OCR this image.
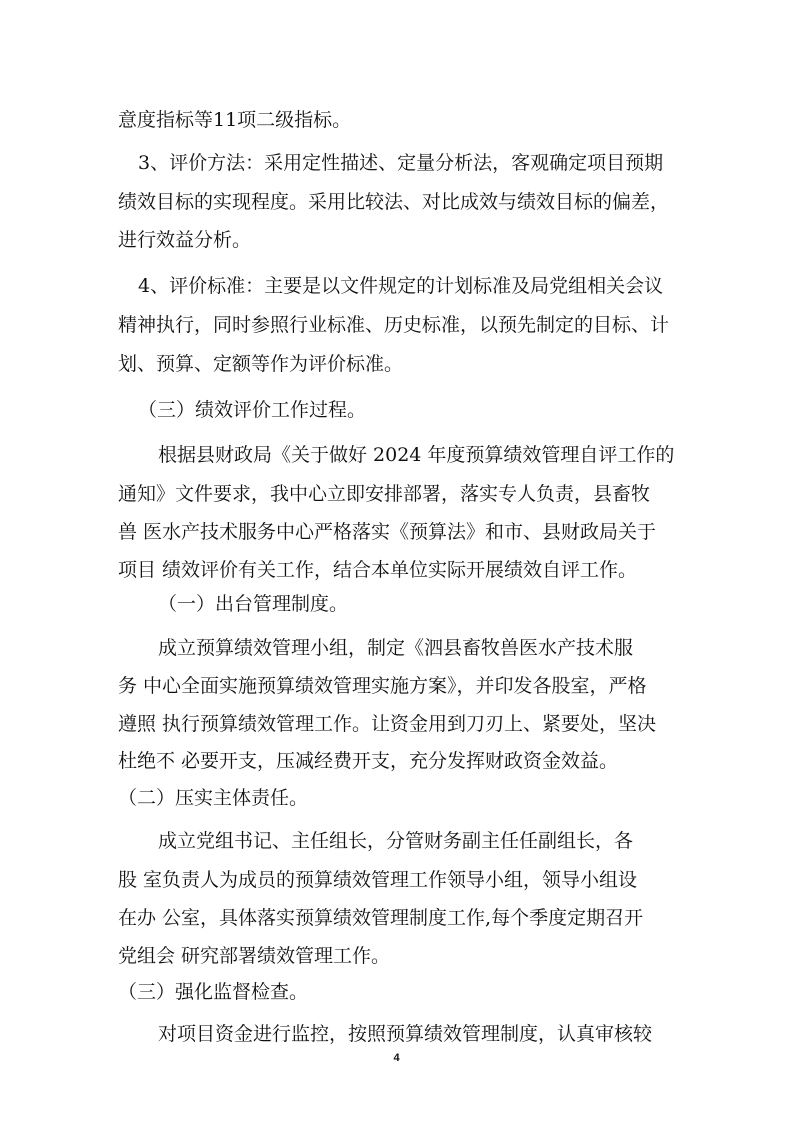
意度指标等11项二级指标。
3、评价方法：采用定性描述、定量分析法，客观确定项目预期
绩效目标的实现程度。采用比较法、对比成效与绩效目标的偏差，
进行效益分析。
4、评价标准：主要是以文件规定的计划标准及局党组相关会议
精神执行，同时参照行业标准、历史标准，以预先制定的目标、计
划、预算、定额等作为评价标准。
（三）绩效评价工作过程。
根据县财政局《关于做好 2024 年度预算绩效管理自评工作的
通知》文件要求，我中心立即安排部署，落实专人负责，县畜牧
兽 医水产技术服务中心严格落实《预算法》和市、县财政局关于
项目 绩效评价有关工作，结合本单位实际开展绩效自评工作。
（一）出台管理制度。
成立预算绩效管理小组，制定《泗县畜牧兽医水产技术服
务 中心全面实施预算绩效管理实施方案》，并印发各股室，严格
遵照 执行预算绩效管理工作。让资金用到刀刃上、紧要处，坚决
杜绝不 必要开支，压减经费开支，充分发挥财政资金效益。
（二）压实主体责任。
成立党组书记、主任组长，分管财务副主任任副组长，各
股 室负责人为成员的预算绩效管理工作领导小组，领导小组设
在办 公室，具体落实预算绩效管理制度工作,每个季度定期召开
党组会 研究部署绩效管理工作。
（三）强化监督检查。
对项目资金进行监控，按照预算绩效管理制度，认真审核较
4
